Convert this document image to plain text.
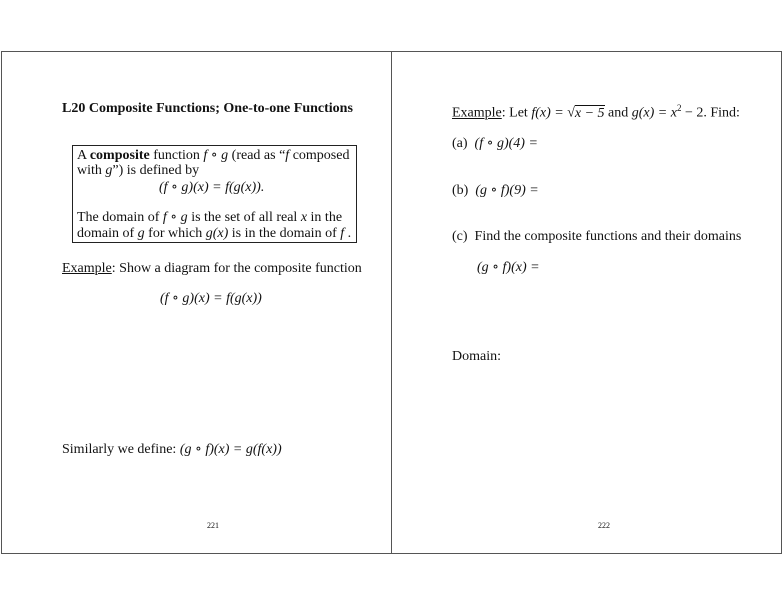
L20 Composite Functions; One-to-one Functions
A composite function f ∘ g (read as “f composed
with g”) is defined by
(f ∘ g)(x) = f(g(x)).
The domain of f ∘ g is the set of all real x in the
domain of g for which g(x) is in the domain of f .
Example: Show a diagram for the composite function
(f ∘ g)(x) = f(g(x))
Similarly we define: (g ∘ f)(x) = g(f(x))
221
Example: Let f(x) = √x − 5 and $g(x) = x^2 - 2$. Find:
(a) (f ∘ g)(4) =
(b) (g ∘ f)(9) =
(c) Find the composite functions and their domains
(g ∘ f)(x) =
Domain:
222
